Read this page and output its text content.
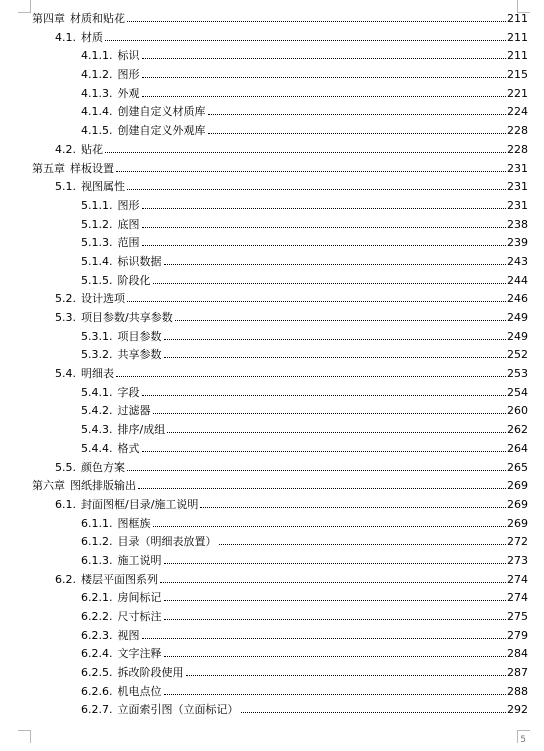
第四章 材质和贴花	211
4.1. 材质	211
4.1.1. 标识	211
4.1.2. 图形	215
4.1.3. 外观	221
4.1.4. 创建自定义材质库	224
4.1.5. 创建自定义外观库	228
4.2. 贴花	228
第五章 样板设置	231
5.1. 视图属性	231
5.1.1. 图形	231
5.1.2. 底图	238
5.1.3. 范围	239
5.1.4. 标识数据	243
5.1.5. 阶段化	244
5.2. 设计选项	246
5.3. 项目参数/共享参数	249
5.3.1. 项目参数	249
5.3.2. 共享参数	252
5.4. 明细表	253
5.4.1. 字段	254
5.4.2. 过滤器	260
5.4.3. 排序/成组	262
5.4.4. 格式	264
5.5. 颜色方案	265
第六章 图纸排版输出	269
6.1. 封面图框/目录/施工说明	269
6.1.1. 图框族	269
6.1.2. 目录（明细表放置）	272
6.1.3. 施工说明	273
6.2. 楼层平面图系列	274
6.2.1. 房间标记	274
6.2.2. 尺寸标注	275
6.2.3. 视图	279
6.2.4. 文字注释	284
6.2.5. 拆改阶段使用	287
6.2.6. 机电点位	288
6.2.7. 立面索引图（立面标记）	292
5
